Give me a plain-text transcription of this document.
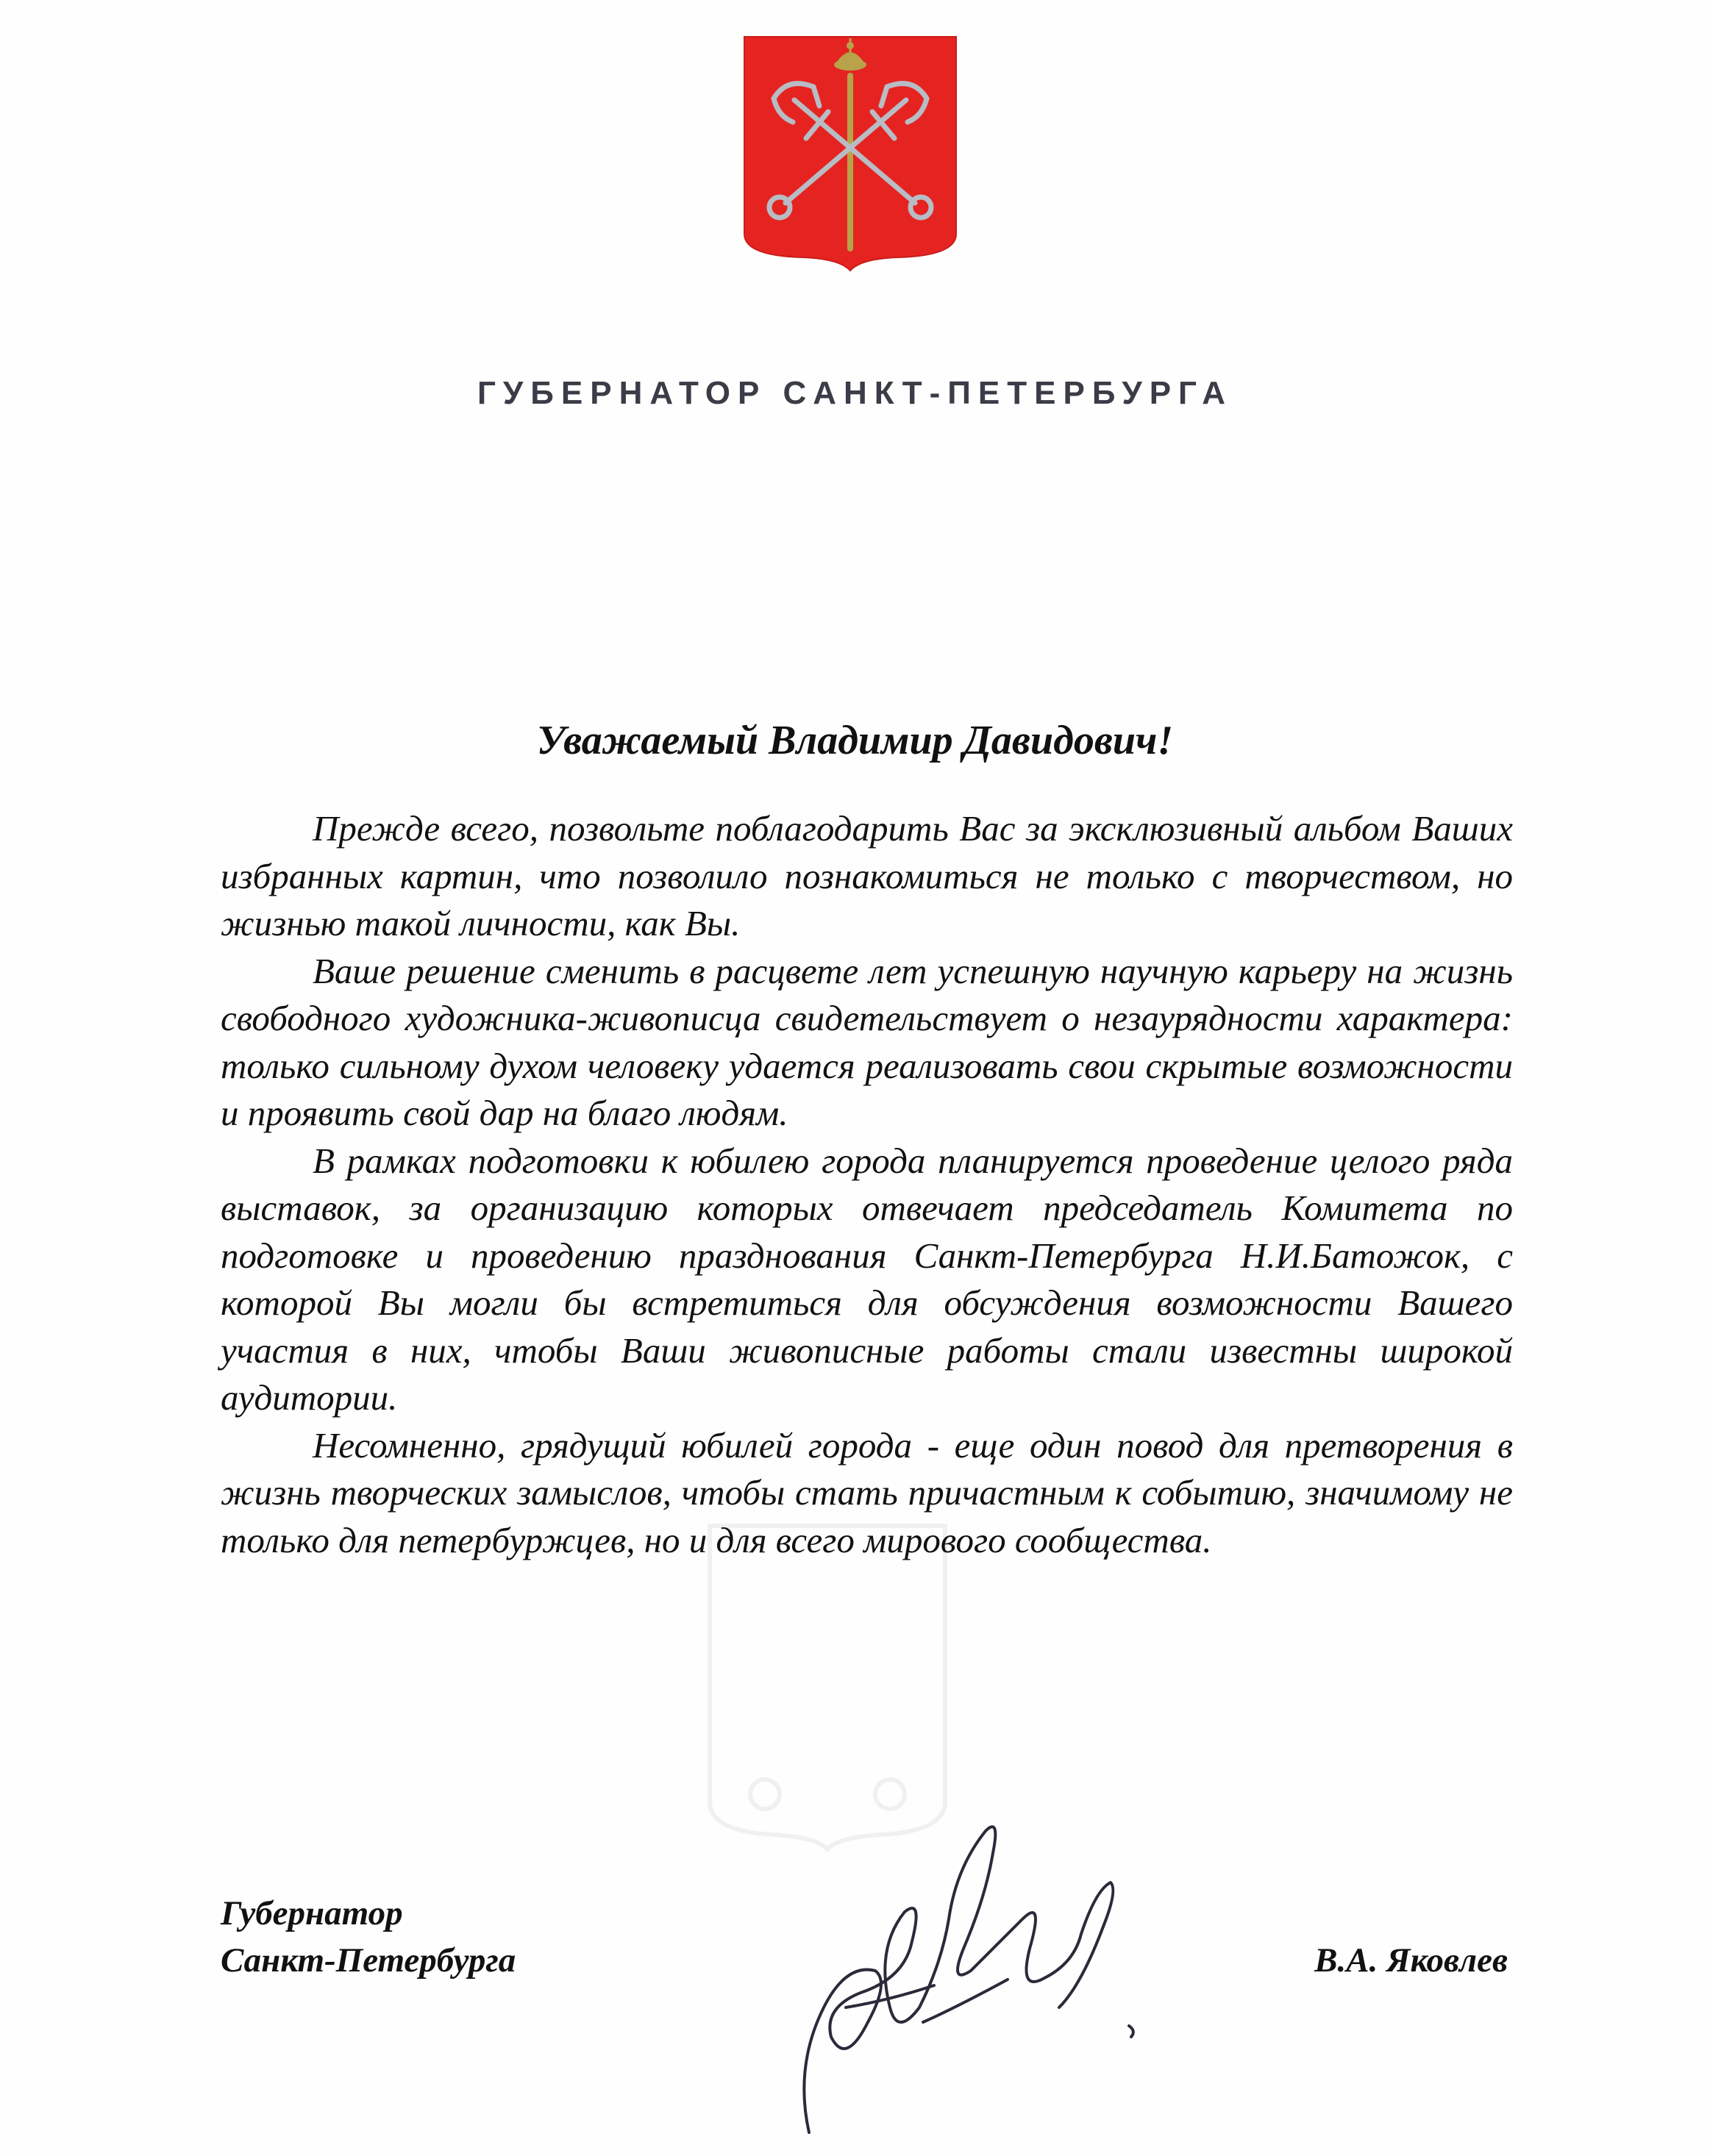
ГУБЕРНАТОР САНКТ-ПЕТЕРБУРГА
Уважаемый Владимир Давидович!

Прежде всего, позвольте поблагодарить Вас за эксклюзивный альбом Ваших избранных картин, что позволило познакомиться не только с творчеством, но жизнью такой личности, как Вы.

Ваше решение сменить в расцвете лет успешную научную карьеру на жизнь свободного художника-живописца свидетельствует о незаурядности характера: только сильному духом человеку удается реализовать свои скрытые возможности и проявить свой дар на благо людям.

В рамках подготовки к юбилею города планируется проведение целого ряда выставок, за организацию которых отвечает председатель Комитета по подготовке и проведению празднования Санкт-Петербурга Н.И.Батожок, с которой Вы могли бы встретиться для обсуждения возможности Вашего участия в них, чтобы Ваши живописные работы стали известны широкой аудитории.

Несомненно, грядущий юбилей города - еще один повод для претворения в жизнь творческих замыслов, чтобы стать причастным к событию, значимому не только для петербуржцев, но и для всего мирового сообщества.

Губернатор
Санкт-Петербурга	В.А. Яковлев
